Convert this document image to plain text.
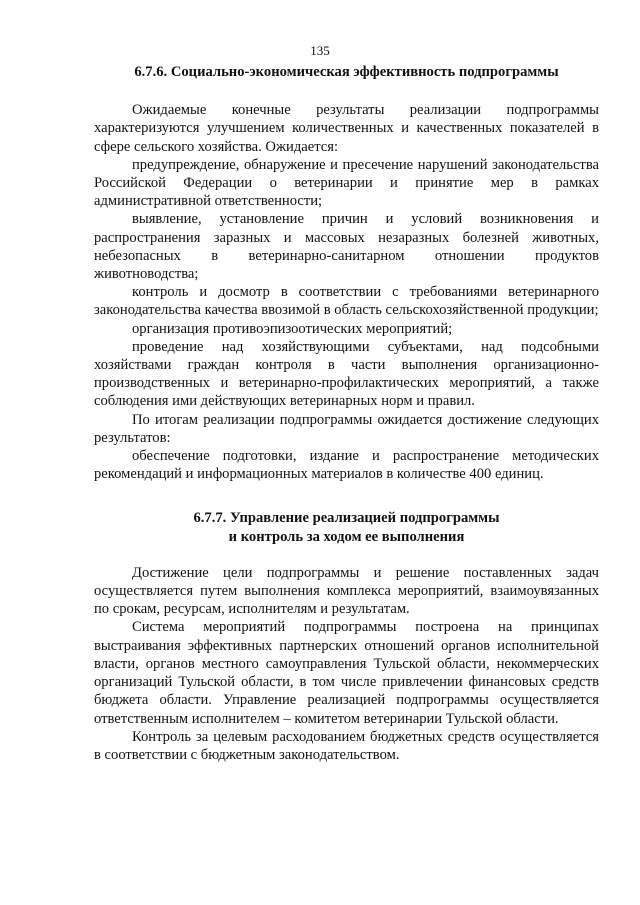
135
6.7.6. Социально-экономическая эффективность подпрограммы

Ожидаемые конечные результаты реализации подпрограммы характеризуются улучшением количественных и качественных показателей в сфере сельского хозяйства. Ожидается:

предупреждение, обнаружение и пресечение нарушений законодательства Российской Федерации о ветеринарии и принятие мер в рамках административной ответственности;

выявление, установление причин и условий возникновения и распространения заразных и массовых незаразных болезней животных, небезопасных в ветеринарно-санитарном отношении продуктов животноводства;

контроль и досмотр в соответствии с требованиями ветеринарного законодательства качества ввозимой в область сельскохозяйственной продукции;

организация противоэпизоотических мероприятий;

проведение над хозяйствующими субъектами, над подсобными хозяйствами граждан контроля в части выполнения организационно-производственных и ветеринарно-профилактических мероприятий, а также соблюдения ими действующих ветеринарных норм и правил.

По итогам реализации подпрограммы ожидается достижение следующих результатов:

обеспечение подготовки, издание и распространение методических рекомендаций и информационных материалов в количестве 400 единиц.

6.7.7. Управление реализацией подпрограммы
и контроль за ходом ее выполнения

Достижение цели подпрограммы и решение поставленных задач осуществляется путем выполнения комплекса мероприятий, взаимоувязанных по срокам, ресурсам, исполнителям и результатам.

Система мероприятий подпрограммы построена на принципах выстраивания эффективных партнерских отношений органов исполнительной власти, органов местного самоуправления Тульской области, некоммерческих организаций Тульской области, в том числе привлечении финансовых средств бюджета области. Управление реализацией подпрограммы осуществляется ответственным исполнителем – комитетом ветеринарии Тульской области.

Контроль за целевым расходованием бюджетных средств осуществляется в соответствии с бюджетным законодательством.
